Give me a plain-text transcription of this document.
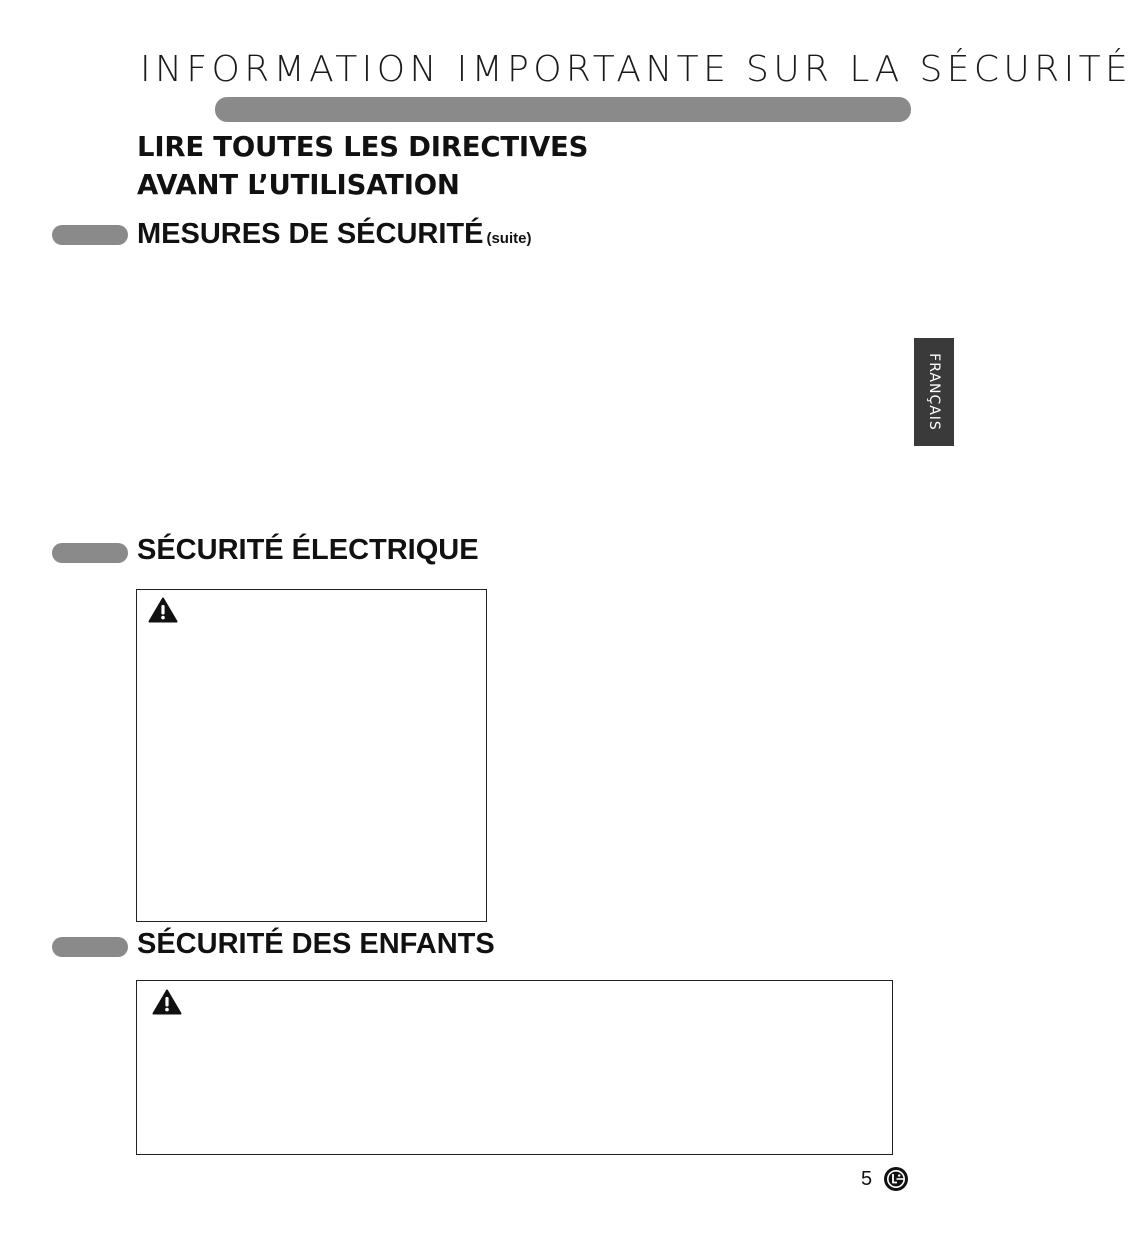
INFORMATION IMPORTANTE SUR LA SÉCURITÉ
LIRE TOUTES LES DIRECTIVES
AVANT L’UTILISATION
MESURES DE SÉCURITÉ (suite)
FRANÇAIS
SÉCURITÉ ÉLECTRIQUE
SÉCURITÉ DES ENFANTS
5
